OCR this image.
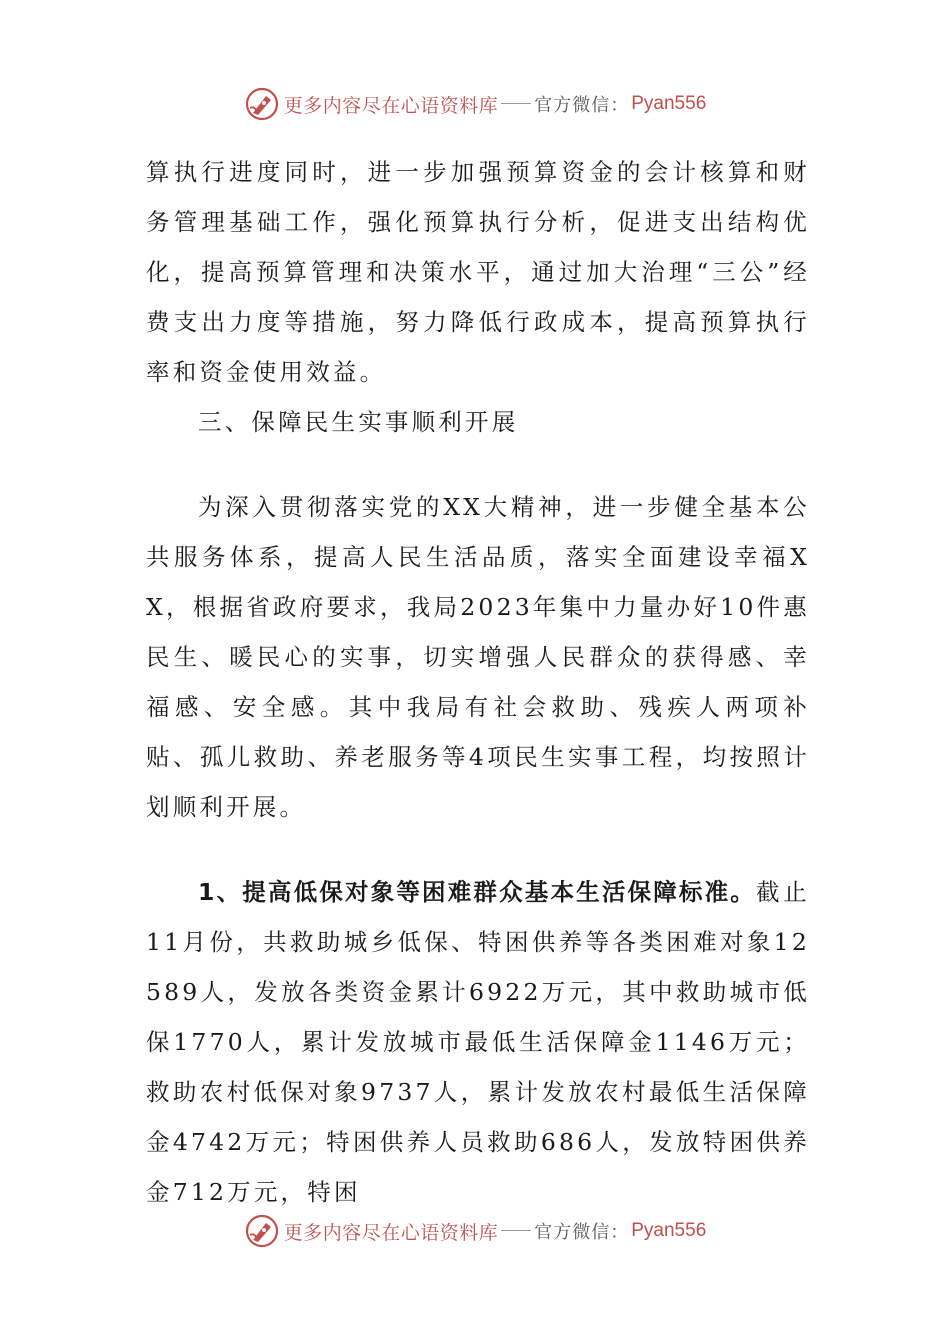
更多内容尽在心语资料库 官方微信： Pyan556

算执行进度同时，进一步加强预算资金的会计核算和财务管理基础工作，强化预算执行分析，促进支出结构优化，提高预算管理和决策水平，通过加大治理“三公”经费支出力度等措施，努力降低行政成本，提高预算执行率和资金使用效益。

三、保障民生实事顺利开展

为深入贯彻落实党的XX大精神，进一步健全基本公共服务体系，提高人民生活品质，落实全面建设幸福XX，根据省政府要求，我局2023年集中力量办好10件惠民生、暖民心的实事，切实增强人民群众的获得感、幸福感、安全感。其中我局有社会救助、残疾人两项补贴、孤儿救助、养老服务等4项民生实事工程，均按照计划顺利开展。

1、提高低保对象等困难群众基本生活保障标准。截止11月份，共救助城乡低保、特困供养等各类困难对象12589人，发放各类资金累计6922万元，其中救助城市低保1770人，累计发放城市最低生活保障金1146万元；救助农村低保对象9737人，累计发放农村最低生活保障金4742万元；特困供养人员救助686人，发放特困供养金712万元，特困

更多内容尽在心语资料库 官方微信： Pyan556
